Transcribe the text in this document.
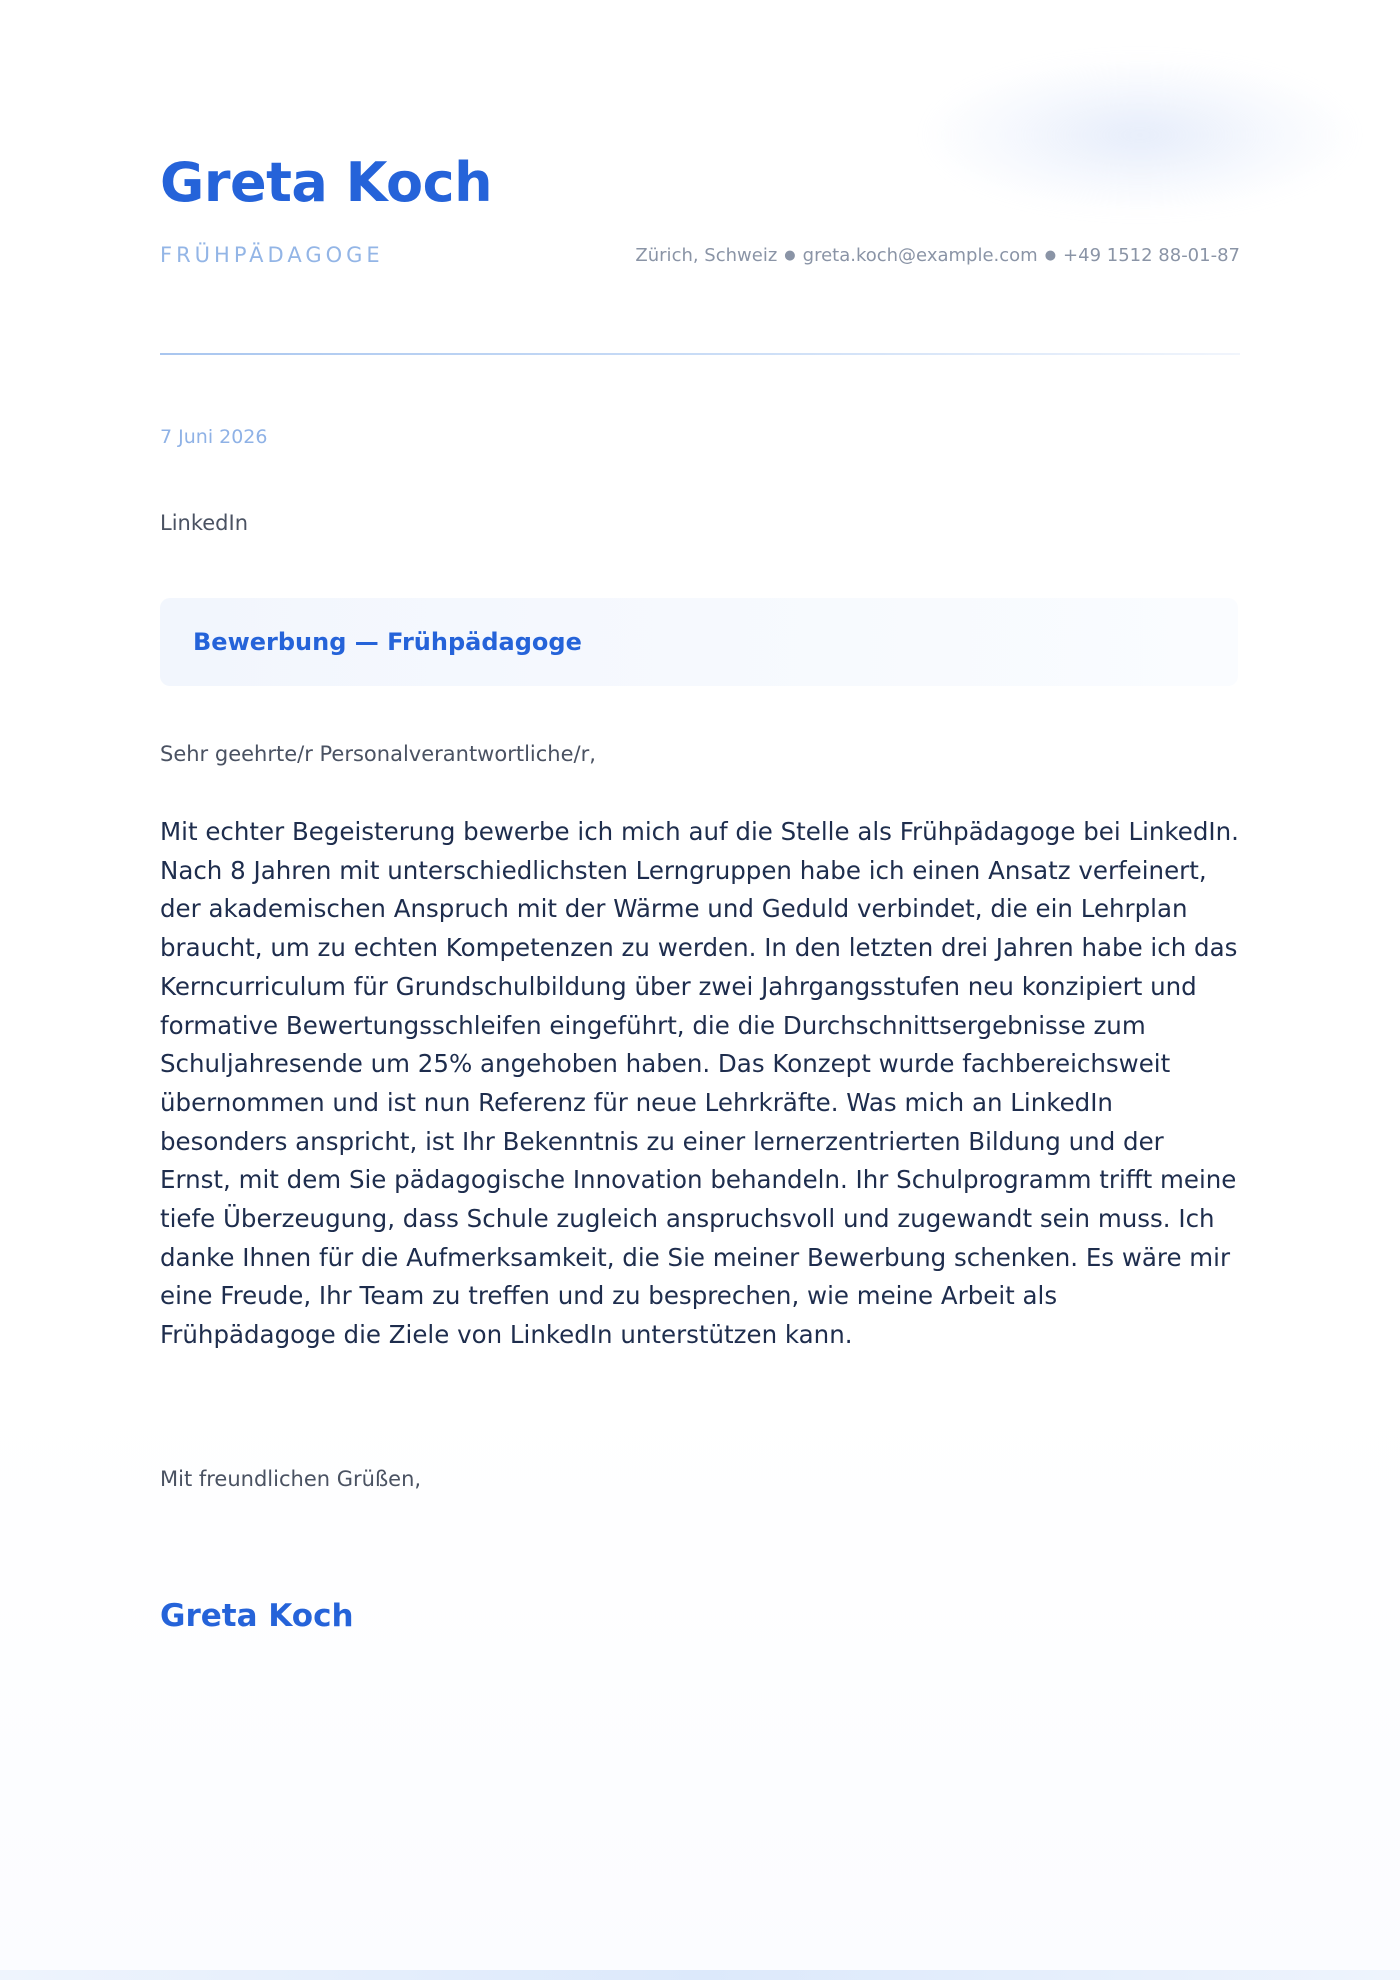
Greta Koch
FRÜHPÄDAGOGE	Zürich, Schweiz ● greta.koch@example.com ● +49 1512 88-01-87
7 Juni 2026
LinkedIn
Bewerbung — Frühpädagoge
Sehr geehrte/r Personalverantwortliche/r,

Mit echter Begeisterung bewerbe ich mich auf die Stelle als Frühpädagoge bei LinkedIn. Nach 8 Jahren mit unterschiedlichsten Lerngruppen habe ich einen Ansatz verfeinert, der akademischen Anspruch mit der Wärme und Geduld verbindet, die ein Lehrplan braucht, um zu echten Kompetenzen zu werden. In den letzten drei Jahren habe ich das Kerncurriculum für Grundschulbildung über zwei Jahrgangsstufen neu konzipiert und formative Bewertungsschleifen eingeführt, die die Durchschnittsergebnisse zum Schuljahresende um 25% angehoben haben. Das Konzept wurde fachbereichsweit übernommen und ist nun Referenz für neue Lehrkräfte. Was mich an LinkedIn besonders anspricht, ist Ihr Bekenntnis zu einer lernerzentrierten Bildung und der Ernst, mit dem Sie pädagogische Innovation behandeln. Ihr Schulprogramm trifft meine tiefe Überzeugung, dass Schule zugleich anspruchsvoll und zugewandt sein muss. Ich danke Ihnen für die Aufmerksamkeit, die Sie meiner Bewerbung schenken. Es wäre mir eine Freude, Ihr Team zu treffen und zu besprechen, wie meine Arbeit als Frühpädagoge die Ziele von LinkedIn unterstützen kann.

Mit freundlichen Grüßen,
Greta Koch
